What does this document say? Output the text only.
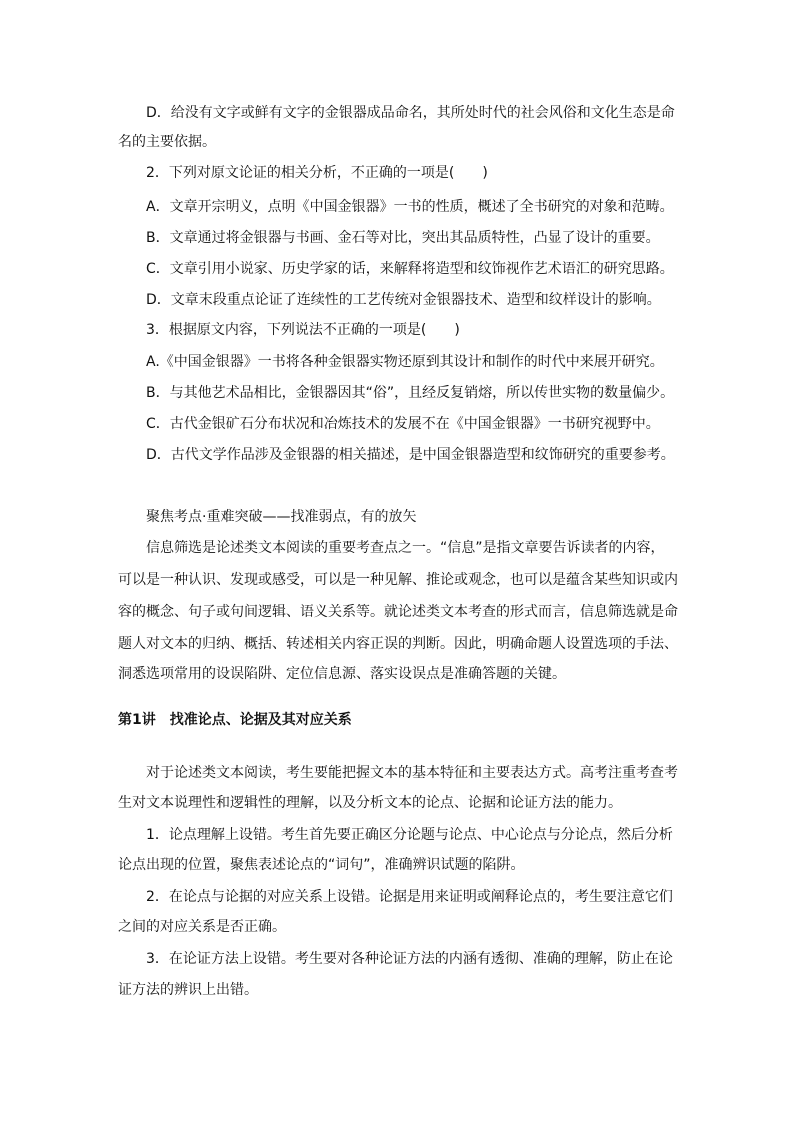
D．给没有文字或鲜有文字的金银器成品命名，其所处时代的社会风俗和文化生态是命
名的主要依据。
2．下列对原文论证的相关分析，不正确的一项是(　　)
A．文章开宗明义，点明《中国金银器》一书的性质，概述了全书研究的对象和范畴。
B．文章通过将金银器与书画、金石等对比，突出其品质特性，凸显了设计的重要。
C．文章引用小说家、历史学家的话，来解释将造型和纹饰视作艺术语汇的研究思路。
D．文章末段重点论证了连续性的工艺传统对金银器技术、造型和纹样设计的影响。
3．根据原文内容，下列说法不正确的一项是(　　)
A.《中国金银器》一书将各种金银器实物还原到其设计和制作的时代中来展开研究。
B．与其他艺术品相比，金银器因其“俗”，且经反复销熔，所以传世实物的数量偏少。
C．古代金银矿石分布状况和冶炼技术的发展不在《中国金银器》一书研究视野中。
D．古代文学作品涉及金银器的相关描述，是中国金银器造型和纹饰研究的重要参考。
聚焦考点·重难突破——找准弱点，有的放矢
信息筛选是论述类文本阅读的重要考查点之一。“信息”是指文章要告诉读者的内容，
可以是一种认识、发现或感受，可以是一种见解、推论或观念，也可以是蕴含某些知识或内
容的概念、句子或句间逻辑、语义关系等。就论述类文本考查的形式而言，信息筛选就是命
题人对文本的归纳、概括、转述相关内容正误的判断。因此，明确命题人设置选项的手法、
洞悉选项常用的设误陷阱、定位信息源、落实设误点是准确答题的关键。
第1讲　找准论点、论据及其对应关系
对于论述类文本阅读，考生要能把握文本的基本特征和主要表达方式。高考注重考查考
生对文本说理性和逻辑性的理解，以及分析文本的论点、论据和论证方法的能力。
1．论点理解上设错。考生首先要正确区分论题与论点、中心论点与分论点，然后分析
论点出现的位置，聚焦表述论点的“词句”，准确辨识试题的陷阱。
2．在论点与论据的对应关系上设错。论据是用来证明或阐释论点的，考生要注意它们
之间的对应关系是否正确。
3．在论证方法上设错。考生要对各种论证方法的内涵有透彻、准确的理解，防止在论
证方法的辨识上出错。
